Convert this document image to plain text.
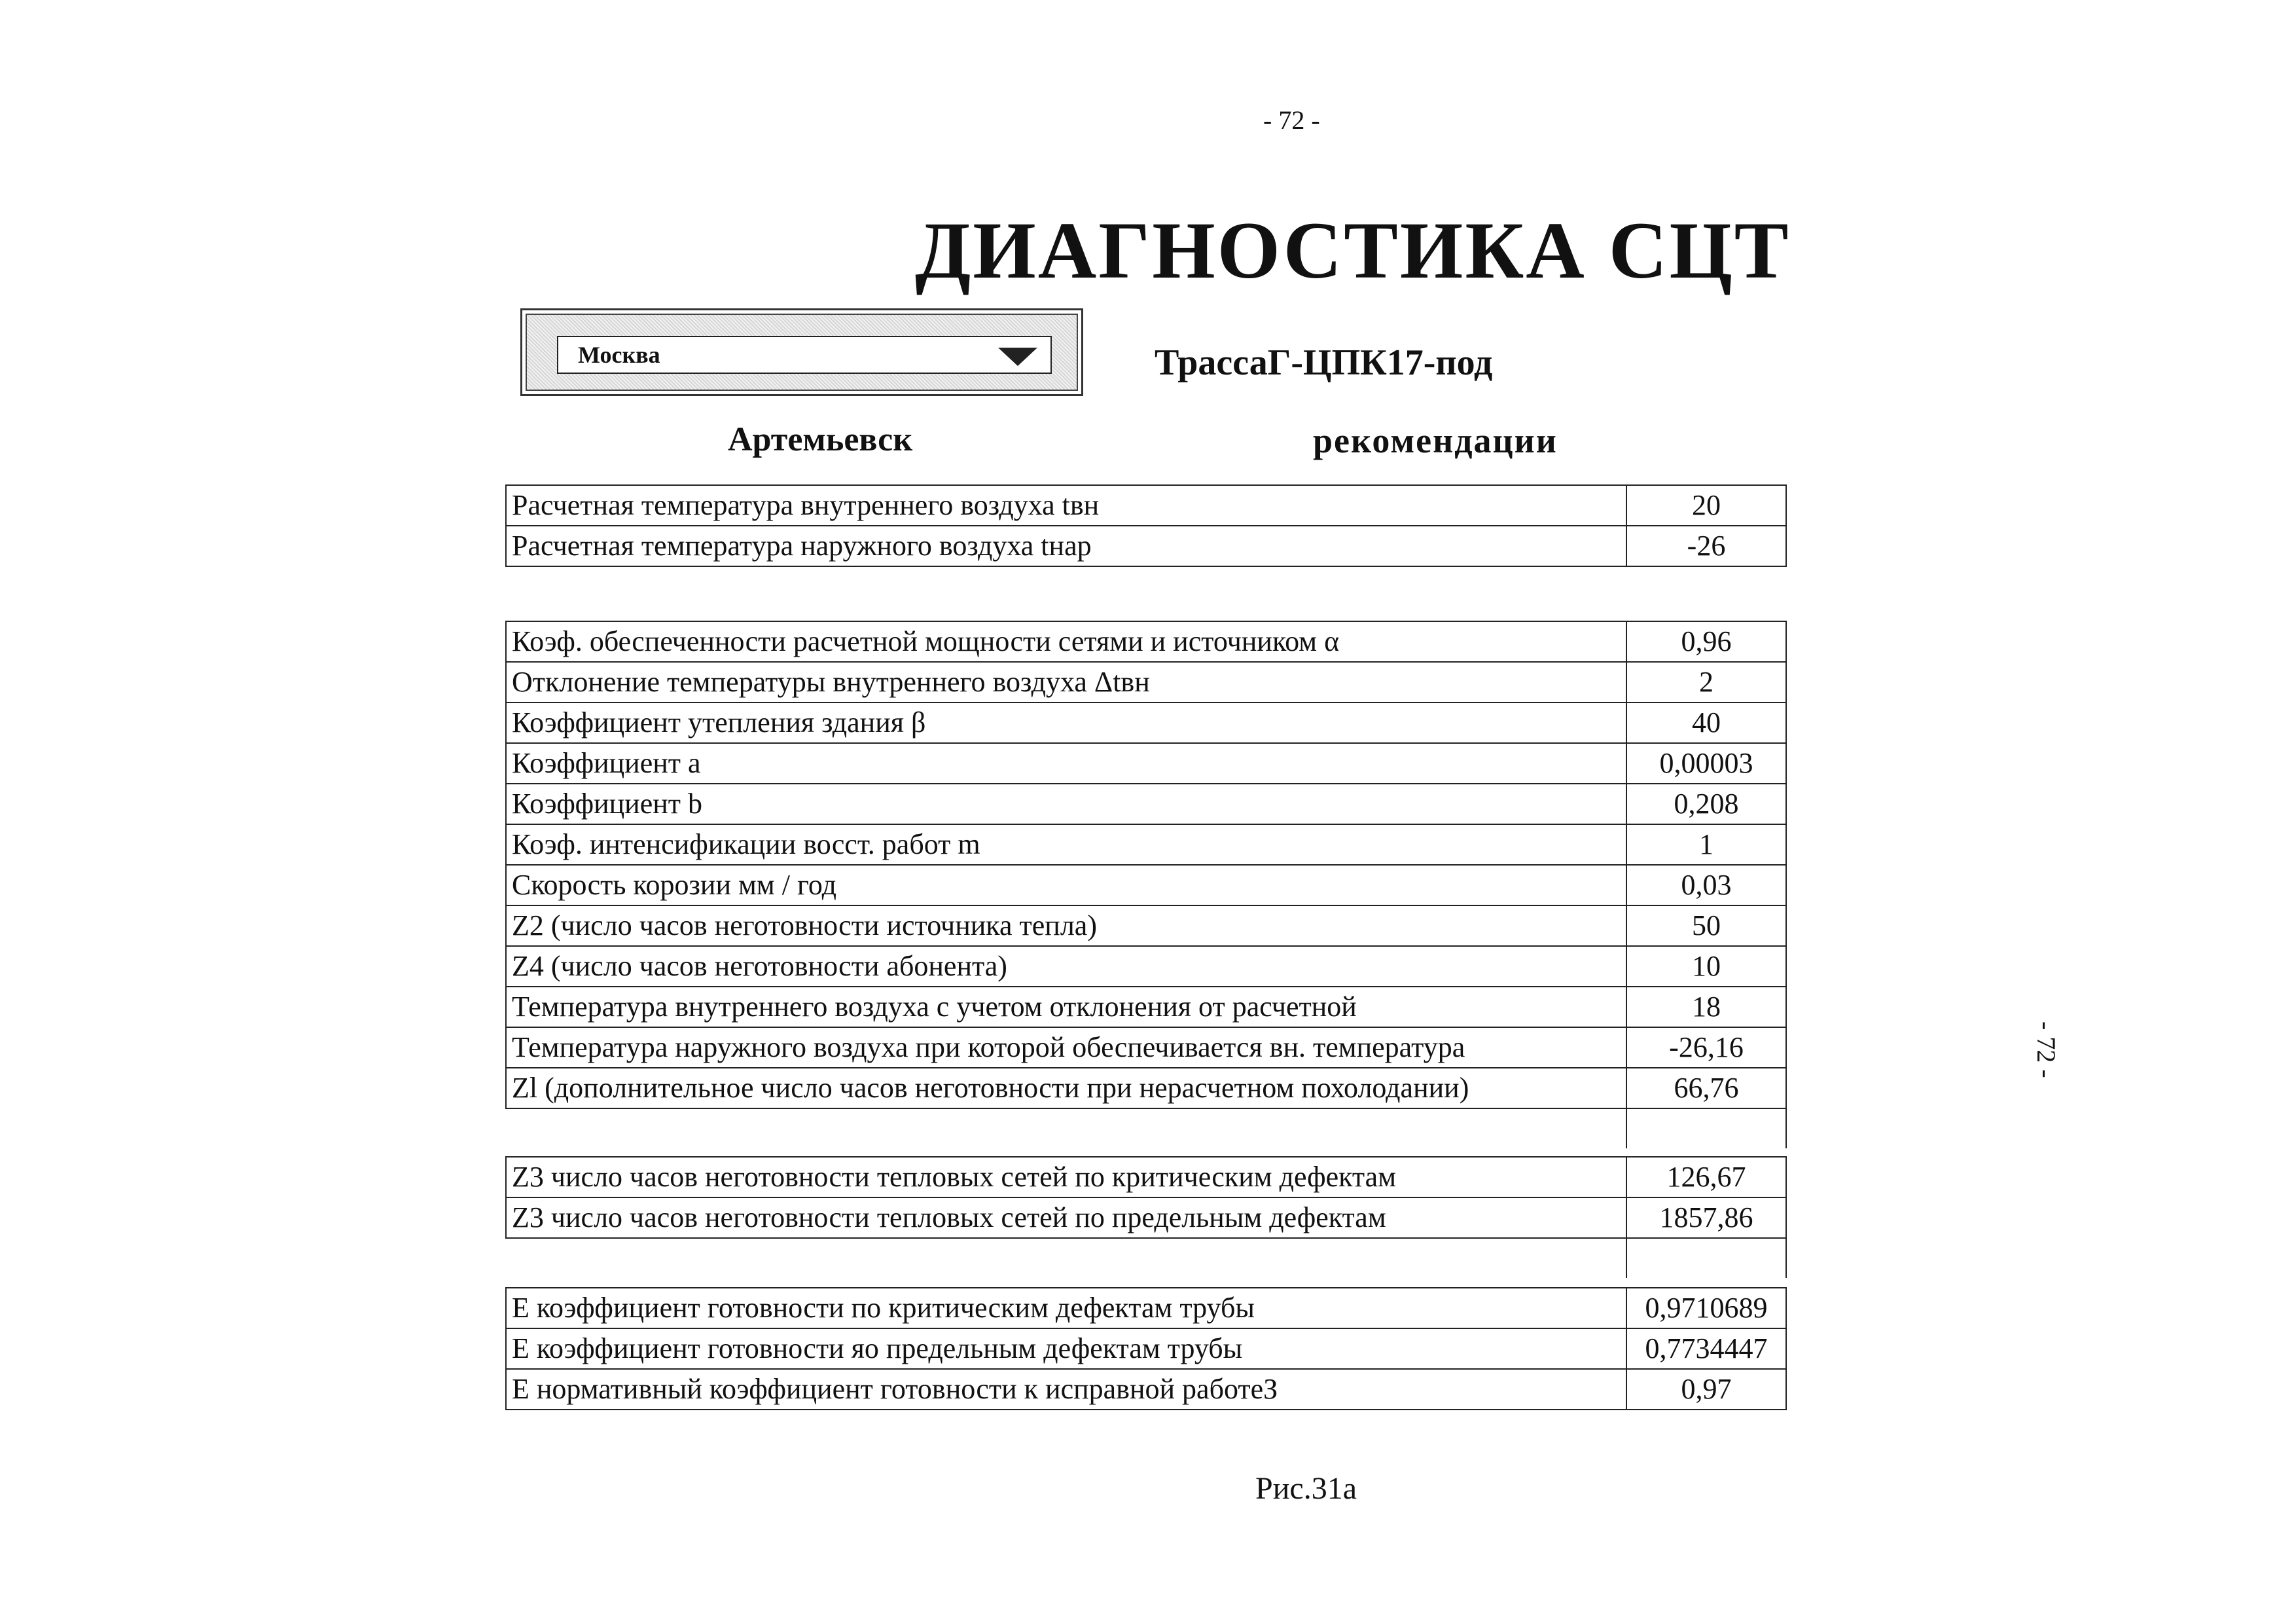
- 72 -
- 72 -
ДИАГНОСТИКА СЦТ
Москва	ТрассаГ-ЦПК17-под
Артемьевск	рекомендации
Расчетная температура внутреннего воздуха tвн	20
Расчетная температура наружного воздуха tнар	-26
Коэф. обеспеченности расчетной мощности сетями и источником α	0,96
Отклонение температуры внутреннего воздуха Δtвн	2
Коэффициент утепления здания β	40
Коэффициент a	0,00003
Коэффициент b	0,208
Коэф. интенсификации восст. работ m	1
Скорость корозии мм / год	0,03
Z2 (число часов неготовности источника тепла)	50
Z4 (число часов неготовности абонента)	10
Температура внутреннего воздуха с учетом отклонения от расчетной	18
Температура наружного воздуха при которой обеспечивается вн. температура	-26,16
Zl (дополнительное число часов неготовности при нерасчетном похолодании)	66,76

Z3 число часов неготовности тепловых сетей по критическим дефектам	126,67
Z3 число часов неготовности тепловых сетей по предельным дефектам	1857,86

E коэффициент готовности по критическим дефектам трубы	0,9710689
E коэффициент готовности яо предельным дефектам трубы	0,7734447
E нормативный коэффициент готовности к исправной работеЗ	0,97
Рис.31а
